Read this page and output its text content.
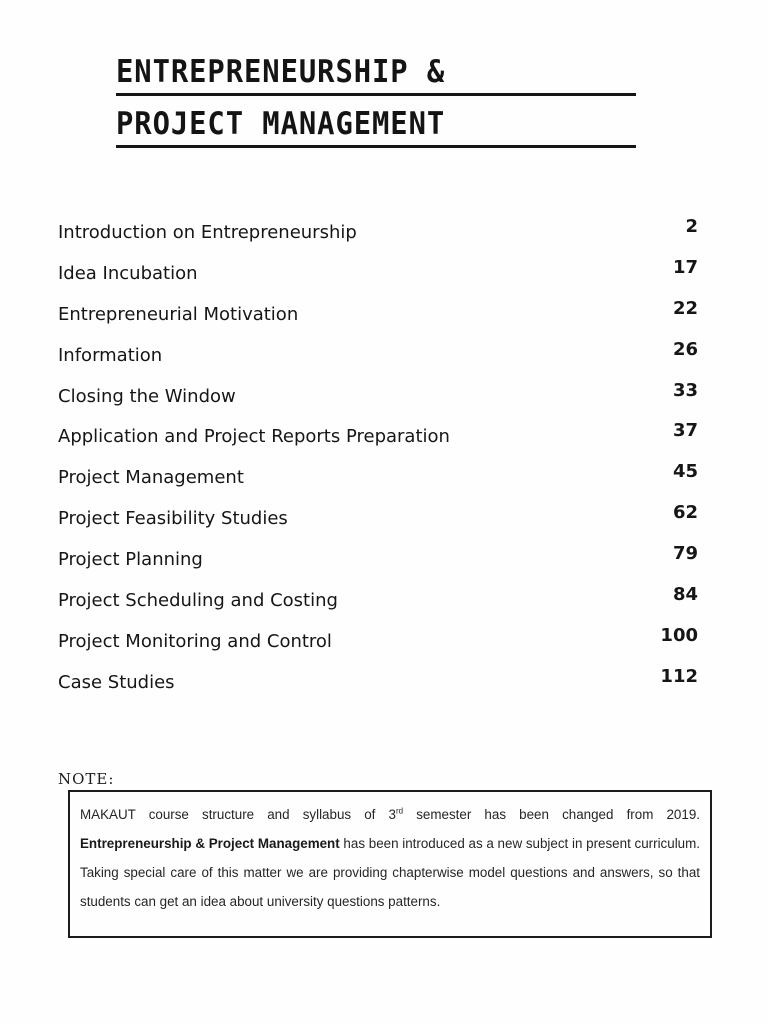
ENTREPRENEURSHIP &
PROJECT MANAGEMENT
Introduction on Entrepreneurship	2
Idea Incubation	17
Entrepreneurial Motivation	22
Information	26
Closing the Window	33
Application and Project Reports Preparation	37
Project Management	45
Project Feasibility Studies	62
Project Planning	79
Project Scheduling and Costing	84
Project Monitoring and Control	100
Case Studies	112
NOTE:
MAKAUT course structure and syllabus of 3rd semester has been changed from 2019. Entrepreneurship & Project Management has been introduced as a new subject in present curriculum. Taking special care of this matter we are providing chapterwise model questions and answers, so that students can get an idea about university questions patterns.
